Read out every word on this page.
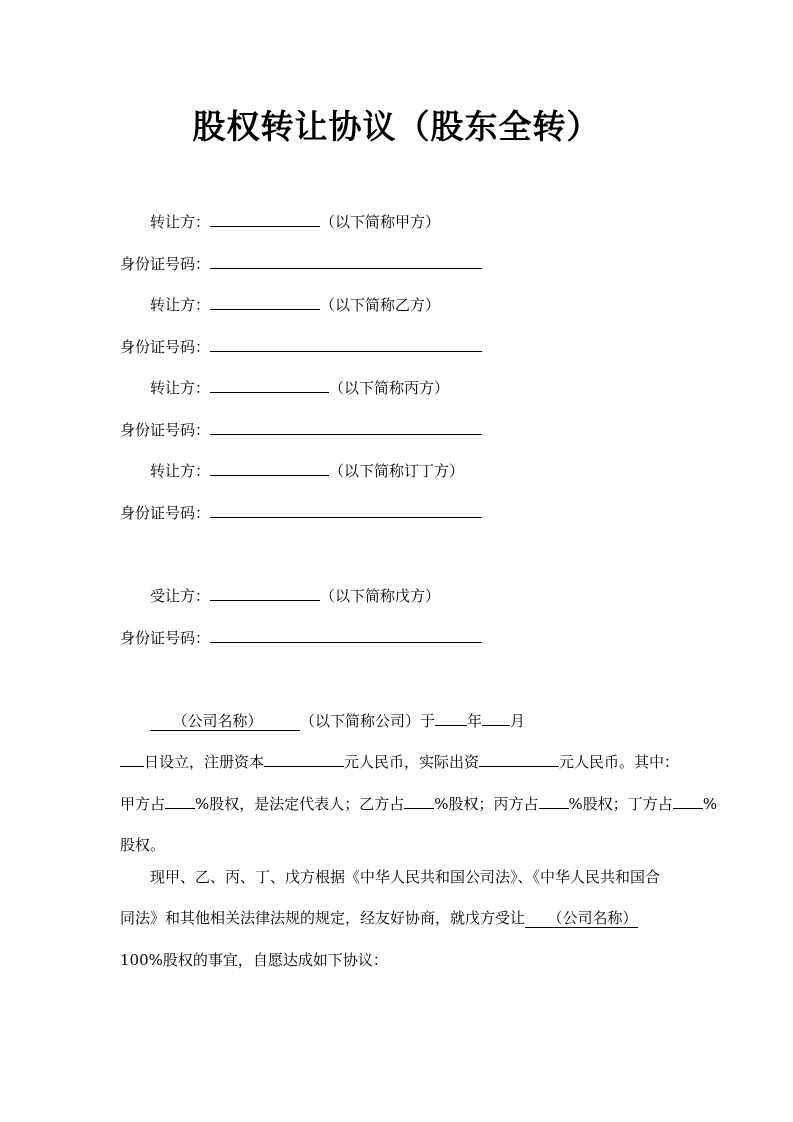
股权转让协议（股东全转）
转让方：	（以下简称甲方）
身份证号码：
转让方：	（以下简称乙方）
身份证号码：
转让方：	（以下简称丙方）
身份证号码：
转让方：	（以下简称订丁方）
身份证号码：
受让方：	（以下简称戊方）
身份证号码：
  （公司名称）   	（以下简称公司）于 年 月
日设立，注册资本	元人民币，实际出资	元人民币。其中：
甲方占 %股权，是法定代表人；乙方占 %股权；丙方占 %股权；丁方占 %
股权。
现甲、乙、丙、丁、戊方根据《中华人民共和国公司法》、《中华人民共和国合
同法》和其他相关法律法规的规定，经友好协商，就戊方受让   （公司名称）
100%股权的事宜，自愿达成如下协议：
